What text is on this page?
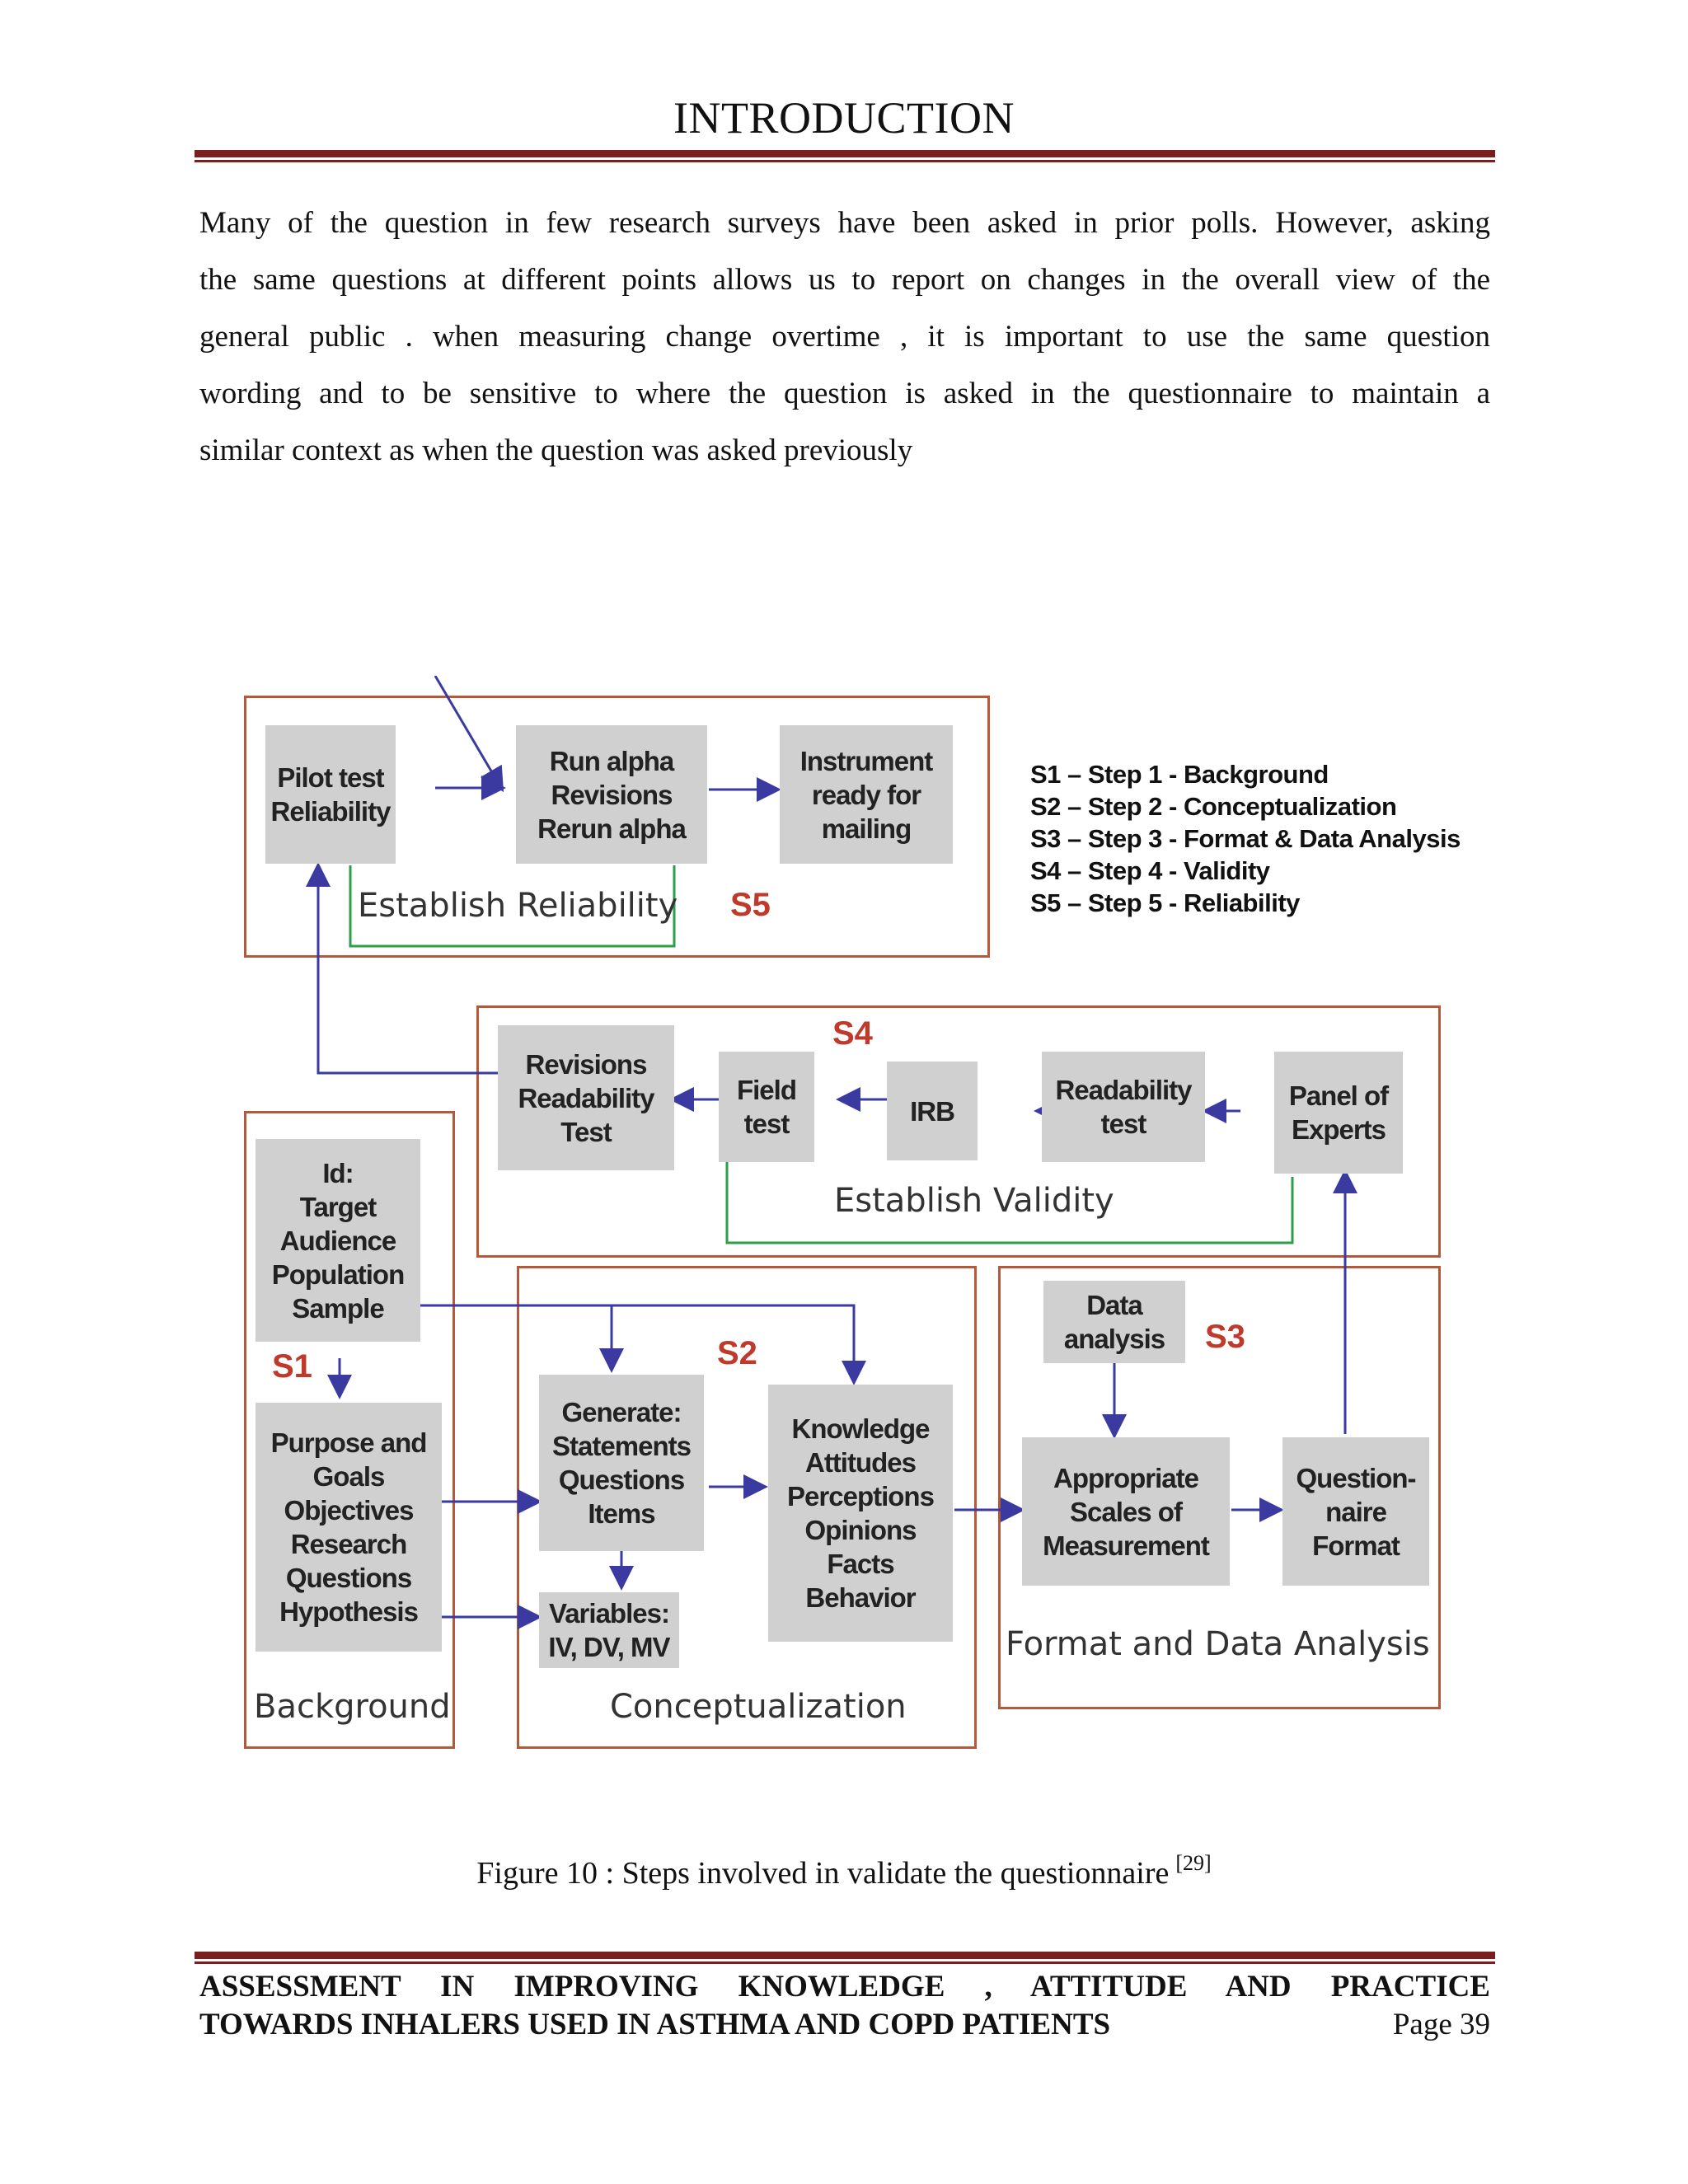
INTRODUCTION
Many of the question in few research surveys have been asked in prior polls. However, asking
the same questions at different points allows us to report on changes in the overall view of the
general public . when measuring change overtime , it is important to use the same question
wording and to be sensitive to where the question is asked in the questionnaire to maintain a
similar context as when the question was asked previously
Pilot test
Reliability
Run alpha
Revisions
Rerun alpha
Instrument
ready for
mailing
Revisions
Readability
Test
Field
test	IRB
Readability
test
Panel of
Experts
Id:
Target
Audience
Population
Sample
Purpose and
Goals
Objectives
Research
Questions
Hypothesis
Generate:
Statements
Questions
Items
Variables:
IV, DV, MV
Knowledge
Attitudes
Perceptions
Opinions
Facts
Behavior
Data
analysis
Appropriate
Scales of
Measurement
Question-
naire
Format
Establish Reliability
Establish Validity
Background	Conceptualization
Format and Data Analysis
S5
S4
S1	S2	S3
S1 – Step 1 - Background
S2 – Step 2 - Conceptualization
S3 – Step 3 - Format & Data Analysis
S4 – Step 4 - Validity
S5 – Step 5 - Reliability
Figure 10 : Steps involved in validate the questionnaire [29]
ASSESSMENT IN IMPROVING KNOWLEDGE , ATTITUDE AND PRACTICE
TOWARDS INHALERS USED IN ASTHMA AND COPD PATIENTS	Page 39
